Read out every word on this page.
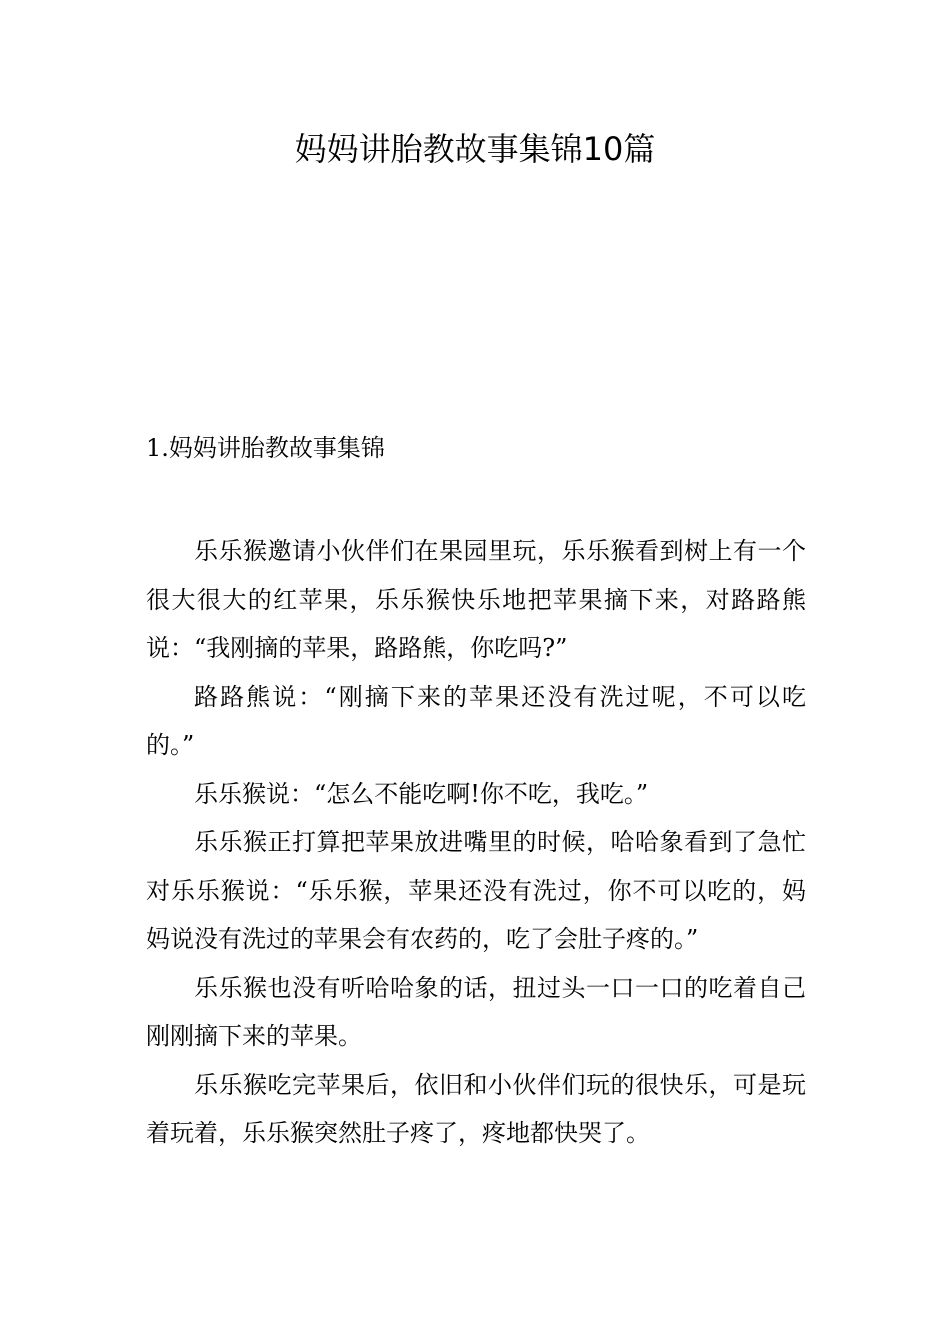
妈妈讲胎教故事集锦10篇
1.妈妈讲胎教故事集锦

乐乐猴邀请小伙伴们在果园里玩，乐乐猴看到树上有一个很大很大的红苹果，乐乐猴快乐地把苹果摘下来，对路路熊说：“我刚摘的苹果，路路熊，你吃吗?”

路路熊说：“刚摘下来的苹果还没有洗过呢，不可以吃的。”

乐乐猴说：“怎么不能吃啊!你不吃，我吃。”

乐乐猴正打算把苹果放进嘴里的时候，哈哈象看到了急忙对乐乐猴说：“乐乐猴，苹果还没有洗过，你不可以吃的，妈妈说没有洗过的苹果会有农药的，吃了会肚子疼的。”

乐乐猴也没有听哈哈象的话，扭过头一口一口的吃着自己刚刚摘下来的苹果。

乐乐猴吃完苹果后，依旧和小伙伴们玩的很快乐，可是玩着玩着，乐乐猴突然肚子疼了，疼地都快哭了。
